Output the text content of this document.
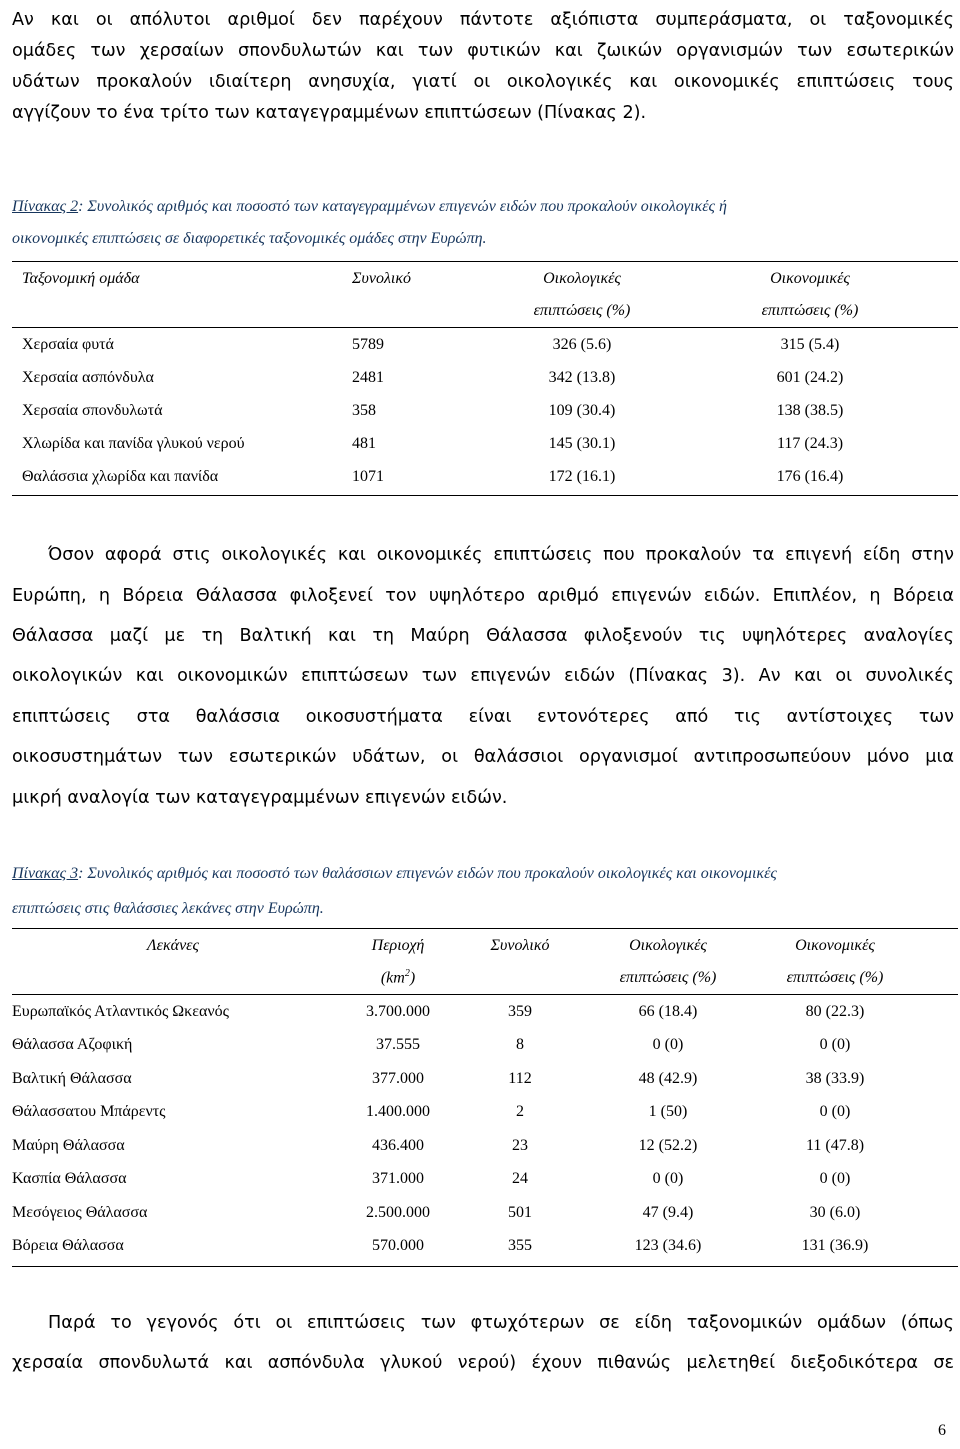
Αν και οι απόλυτοι αριθμοί δεν παρέχουν πάντοτε αξιόπιστα συμπεράσματα, οι ταξονομικές
ομάδες των χερσαίων σπονδυλωτών και των φυτικών και ζωικών οργανισμών των εσωτερικών
υδάτων προκαλούν ιδιαίτερη ανησυχία, γιατί οι οικολογικές και οικονομικές επιπτώσεις τους
αγγίζουν το ένα τρίτο των καταγεγραμμένων επιπτώσεων (Πίνακας 2).
Πίνακας 2: Συνολικός αριθμός και ποσοστό των καταγεγραμμένων επιγενών ειδών που προκαλούν οικολογικές ή
οικονομικές επιπτώσεις σε διαφορετικές ταξονομικές ομάδες στην Ευρώπη.
Ταξονομική ομάδα	Συνολικό	Οικολογικές	Οικονομικές
		επιπτώσεις (%)	επιπτώσεις (%)
Χερσαία φυτά	5789	326 (5.6)	315 (5.4)
Χερσαία ασπόνδυλα	2481	342 (13.8)	601 (24.2)
Χερσαία σπονδυλωτά	358	109 (30.4)	138 (38.5)
Χλωρίδα και πανίδα γλυκού νερού	481	145 (30.1)	117 (24.3)
Θαλάσσια χλωρίδα και πανίδα	1071	172 (16.1)	176 (16.4)
Όσον αφορά στις οικολογικές και οικονομικές επιπτώσεις που προκαλούν τα επιγενή είδη στην
Ευρώπη, η Βόρεια Θάλασσα φιλοξενεί τον υψηλότερο αριθμό επιγενών ειδών. Επιπλέον, η Βόρεια
Θάλασσα μαζί με τη Βαλτική και τη Μαύρη Θάλασσα φιλοξενούν τις υψηλότερες αναλογίες
οικολογικών και οικονομικών επιπτώσεων των επιγενών ειδών (Πίνακας 3). Αν και οι συνολικές
επιπτώσεις στα θαλάσσια οικοσυστήματα είναι εντονότερες από τις αντίστοιχες των
οικοσυστημάτων των εσωτερικών υδάτων, οι θαλάσσιοι οργανισμοί αντιπροσωπεύουν μόνο μια
μικρή αναλογία των καταγεγραμμένων επιγενών ειδών.
Πίνακας 3: Συνολικός αριθμός και ποσοστό των θαλάσσιων επιγενών ειδών που προκαλούν οικολογικές και οικονομικές
επιπτώσεις στις θαλάσσιες λεκάνες στην Ευρώπη.
Λεκάνες	Περιοχή	Συνολικό	Οικολογικές	Οικονομικές
	$(km^2)$		επιπτώσεις (%)	επιπτώσεις (%)
Ευρωπαϊκός Ατλαντικός Ωκεανός	3.700.000	359	66 (18.4)	80 (22.3)
Θάλασσα Αζοφική	37.555	8	0 (0)	0 (0)
Βαλτική Θάλασσα	377.000	112	48 (42.9)	38 (33.9)
Θάλασσατου Μπάρεντς	1.400.000	2	1 (50)	0 (0)
Μαύρη Θάλασσα	436.400	23	12 (52.2)	11 (47.8)
Κασπία Θάλασσα	371.000	24	0 (0)	0 (0)
Μεσόγειος Θάλασσα	2.500.000	501	47 (9.4)	30 (6.0)
Βόρεια Θάλασσα	570.000	355	123 (34.6)	131 (36.9)
Παρά το γεγονός ότι οι επιπτώσεις των φτωχότερων σε είδη ταξονομικών ομάδων (όπως
χερσαία σπονδυλωτά και ασπόνδυλα γλυκού νερού) έχουν πιθανώς μελετηθεί διεξοδικότερα σε
6
